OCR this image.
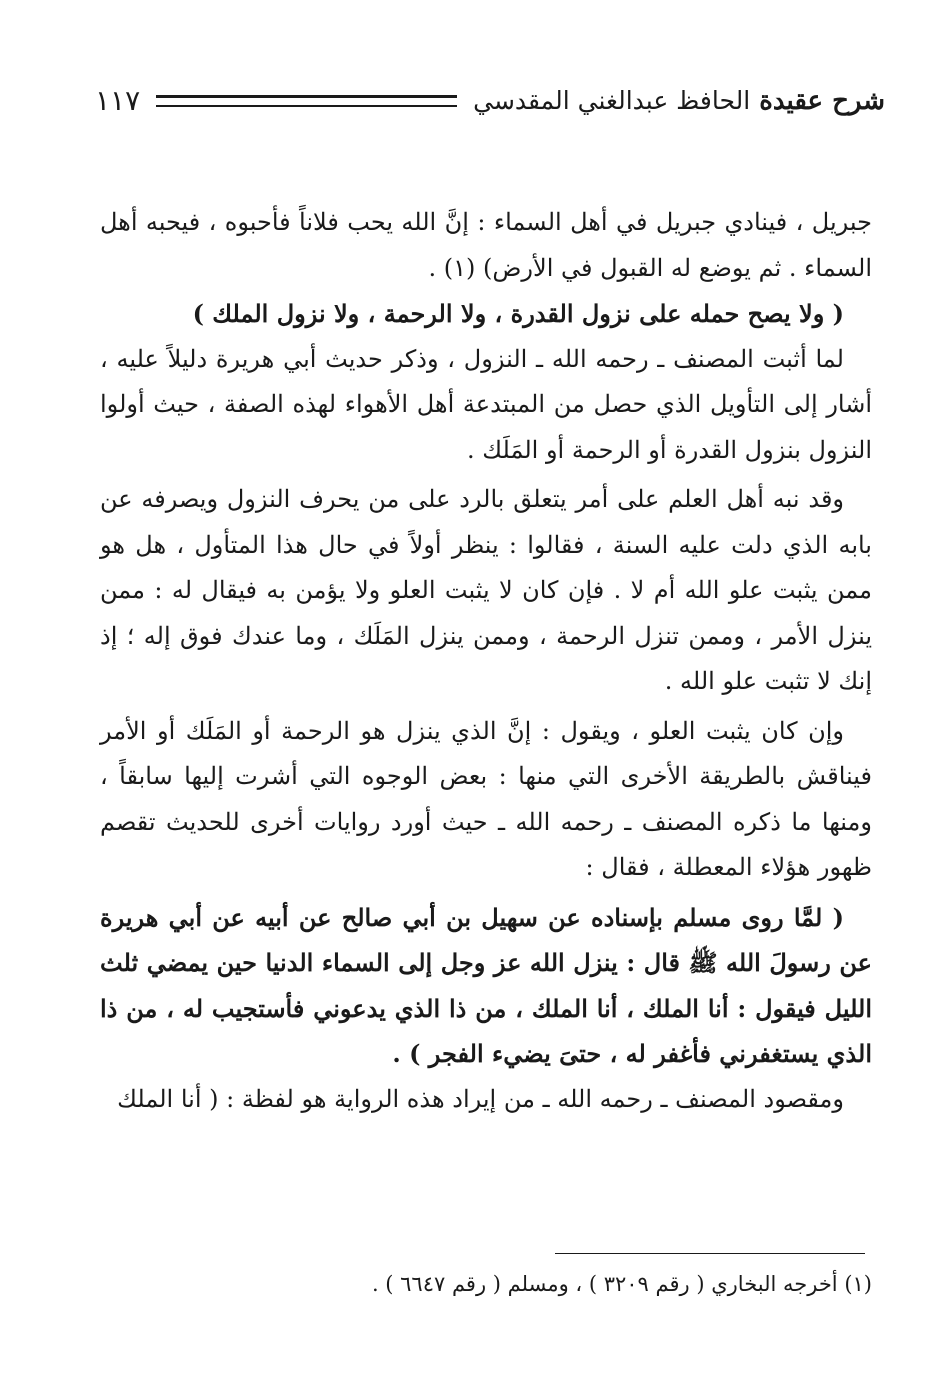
شرح عقيدة الحافظ عبدالغني المقدسي
١١٧

جبريل ، فينادي جبريل في أهل السماء : إنَّ الله يحب فلاناً فأحبوه ، فيحبه أهل السماء . ثم يوضع له القبول في الأرض) (١) .

( ولا يصح حمله على نزول القدرة ، ولا الرحمة ، ولا نزول الملك )

لما أثبت المصنف ـ رحمه الله ـ النزول ، وذكر حديث أبي هريرة دليلاً عليه ، أشار إلى التأويل الذي حصل من المبتدعة أهل الأهواء لهذه الصفة ، حيث أولوا النزول بنزول القدرة أو الرحمة أو المَلَك .

وقد نبه أهل العلم على أمر يتعلق بالرد على من يحرف النزول ويصرفه عن بابه الذي دلت عليه السنة ، فقالوا : ينظر أولاً في حال هذا المتأول ، هل هو ممن يثبت علو الله أم لا . فإن كان لا يثبت العلو ولا يؤمن به فيقال له : ممن ينزل الأمر ، وممن تنزل الرحمة ، وممن ينزل المَلَك ، وما عندك فوق إله ؛ إذ إنك لا تثبت علو الله .

وإن كان يثبت العلو ، ويقول : إنَّ الذي ينزل هو الرحمة أو المَلَك أو الأمر فيناقش بالطريقة الأخرى التي منها : بعض الوجوه التي أشرت إليها سابقاً ، ومنها ما ذكره المصنف ـ رحمه الله ـ حيث أورد روايات أخرى للحديث تقصم ظهور هؤلاء المعطلة ، فقال :

( لمَّا روى مسلم بإسناده عن سهيل بن أبي صالح عن أبيه عن أبي هريرة عن رسولَ الله ﷺ قال : ينزل الله عز وجل إلى السماء الدنيا حين يمضي ثلث الليل فيقول : أنا الملك ، أنا الملك ، من ذا الذي يدعوني فأستجيب له ، من ذا الذي يستغفرني فأغفر له ، حتىَ يضيء الفجر ) .

ومقصود المصنف ـ رحمه الله ـ من إيراد هذه الرواية هو لفظة : ( أنا الملك

(١) أخرجه البخاري ( رقم ٣٢٠٩ ) ، ومسلم ( رقم ٦٦٤٧ ) .
